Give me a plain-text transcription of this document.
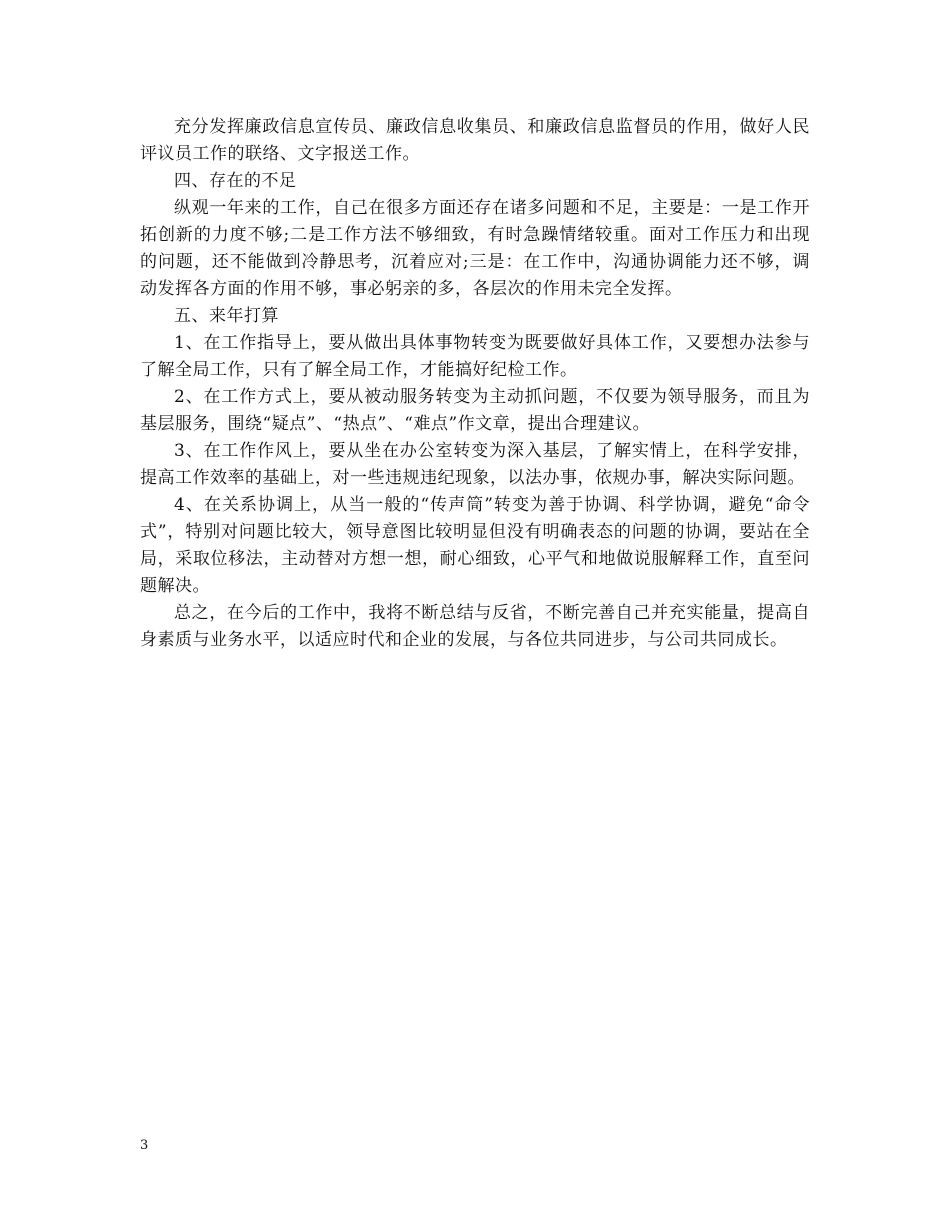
充分发挥廉政信息宣传员、廉政信息收集员、和廉政信息监督员的作用，做好人民评议员工作的联络、文字报送工作。

四、存在的不足

纵观一年来的工作，自己在很多方面还存在诸多问题和不足，主要是：一是工作开拓创新的力度不够;二是工作方法不够细致，有时急躁情绪较重。面对工作压力和出现的问题，还不能做到冷静思考，沉着应对;三是：在工作中，沟通协调能力还不够，调动发挥各方面的作用不够，事必躬亲的多，各层次的作用未完全发挥。

五、来年打算

1、在工作指导上，要从做出具体事物转变为既要做好具体工作，又要想办法参与了解全局工作，只有了解全局工作，才能搞好纪检工作。

2、在工作方式上，要从被动服务转变为主动抓问题，不仅要为领导服务，而且为基层服务，围绕“疑点”、“热点”、“难点”作文章，提出合理建议。

3、在工作作风上，要从坐在办公室转变为深入基层，了解实情上，在科学安排，提高工作效率的基础上，对一些违规违纪现象，以法办事，依规办事，解决实际问题。

4、在关系协调上，从当一般的“传声筒”转变为善于协调、科学协调，避免“命令式”，特别对问题比较大，领导意图比较明显但没有明确表态的问题的协调，要站在全局，采取位移法，主动替对方想一想，耐心细致，心平气和地做说服解释工作，直至问题解决。

总之，在今后的工作中，我将不断总结与反省，不断完善自己并充实能量，提高自身素质与业务水平，以适应时代和企业的发展，与各位共同进步，与公司共同成长。

3
